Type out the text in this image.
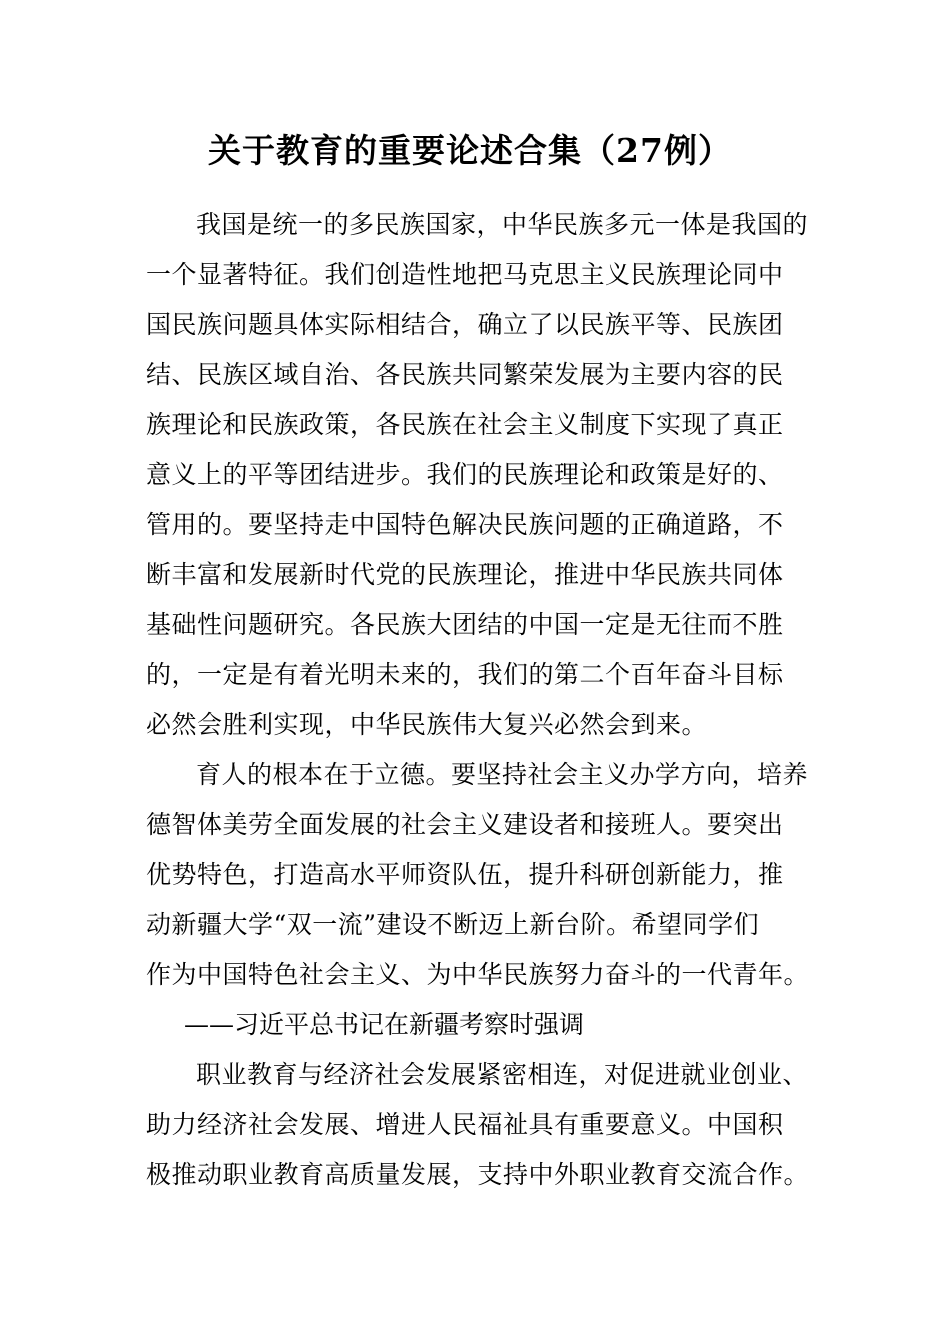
关于教育的重要论述合集（27例）

我国是统一的多民族国家，中华民族多元一体是我国的
一个显著特征。我们创造性地把马克思主义民族理论同中
国民族问题具体实际相结合，确立了以民族平等、民族团
结、民族区域自治、各民族共同繁荣发展为主要内容的民
族理论和民族政策，各民族在社会主义制度下实现了真正
意义上的平等团结进步。我们的民族理论和政策是好的、
管用的。要坚持走中国特色解决民族问题的正确道路，不
断丰富和发展新时代党的民族理论，推进中华民族共同体
基础性问题研究。各民族大团结的中国一定是无往而不胜
的，一定是有着光明未来的，我们的第二个百年奋斗目标
必然会胜利实现，中华民族伟大复兴必然会到来。

育人的根本在于立德。要坚持社会主义办学方向，培养
德智体美劳全面发展的社会主义建设者和接班人。要突出
优势特色，打造高水平师资队伍，提升科研创新能力，推
动新疆大学“双一流”建设不断迈上新台阶。希望同学们
作为中国特色社会主义、为中华民族努力奋斗的一代青年。

——习近平总书记在新疆考察时强调

职业教育与经济社会发展紧密相连，对促进就业创业、
助力经济社会发展、增进人民福祉具有重要意义。中国积
极推动职业教育高质量发展，支持中外职业教育交流合作。
